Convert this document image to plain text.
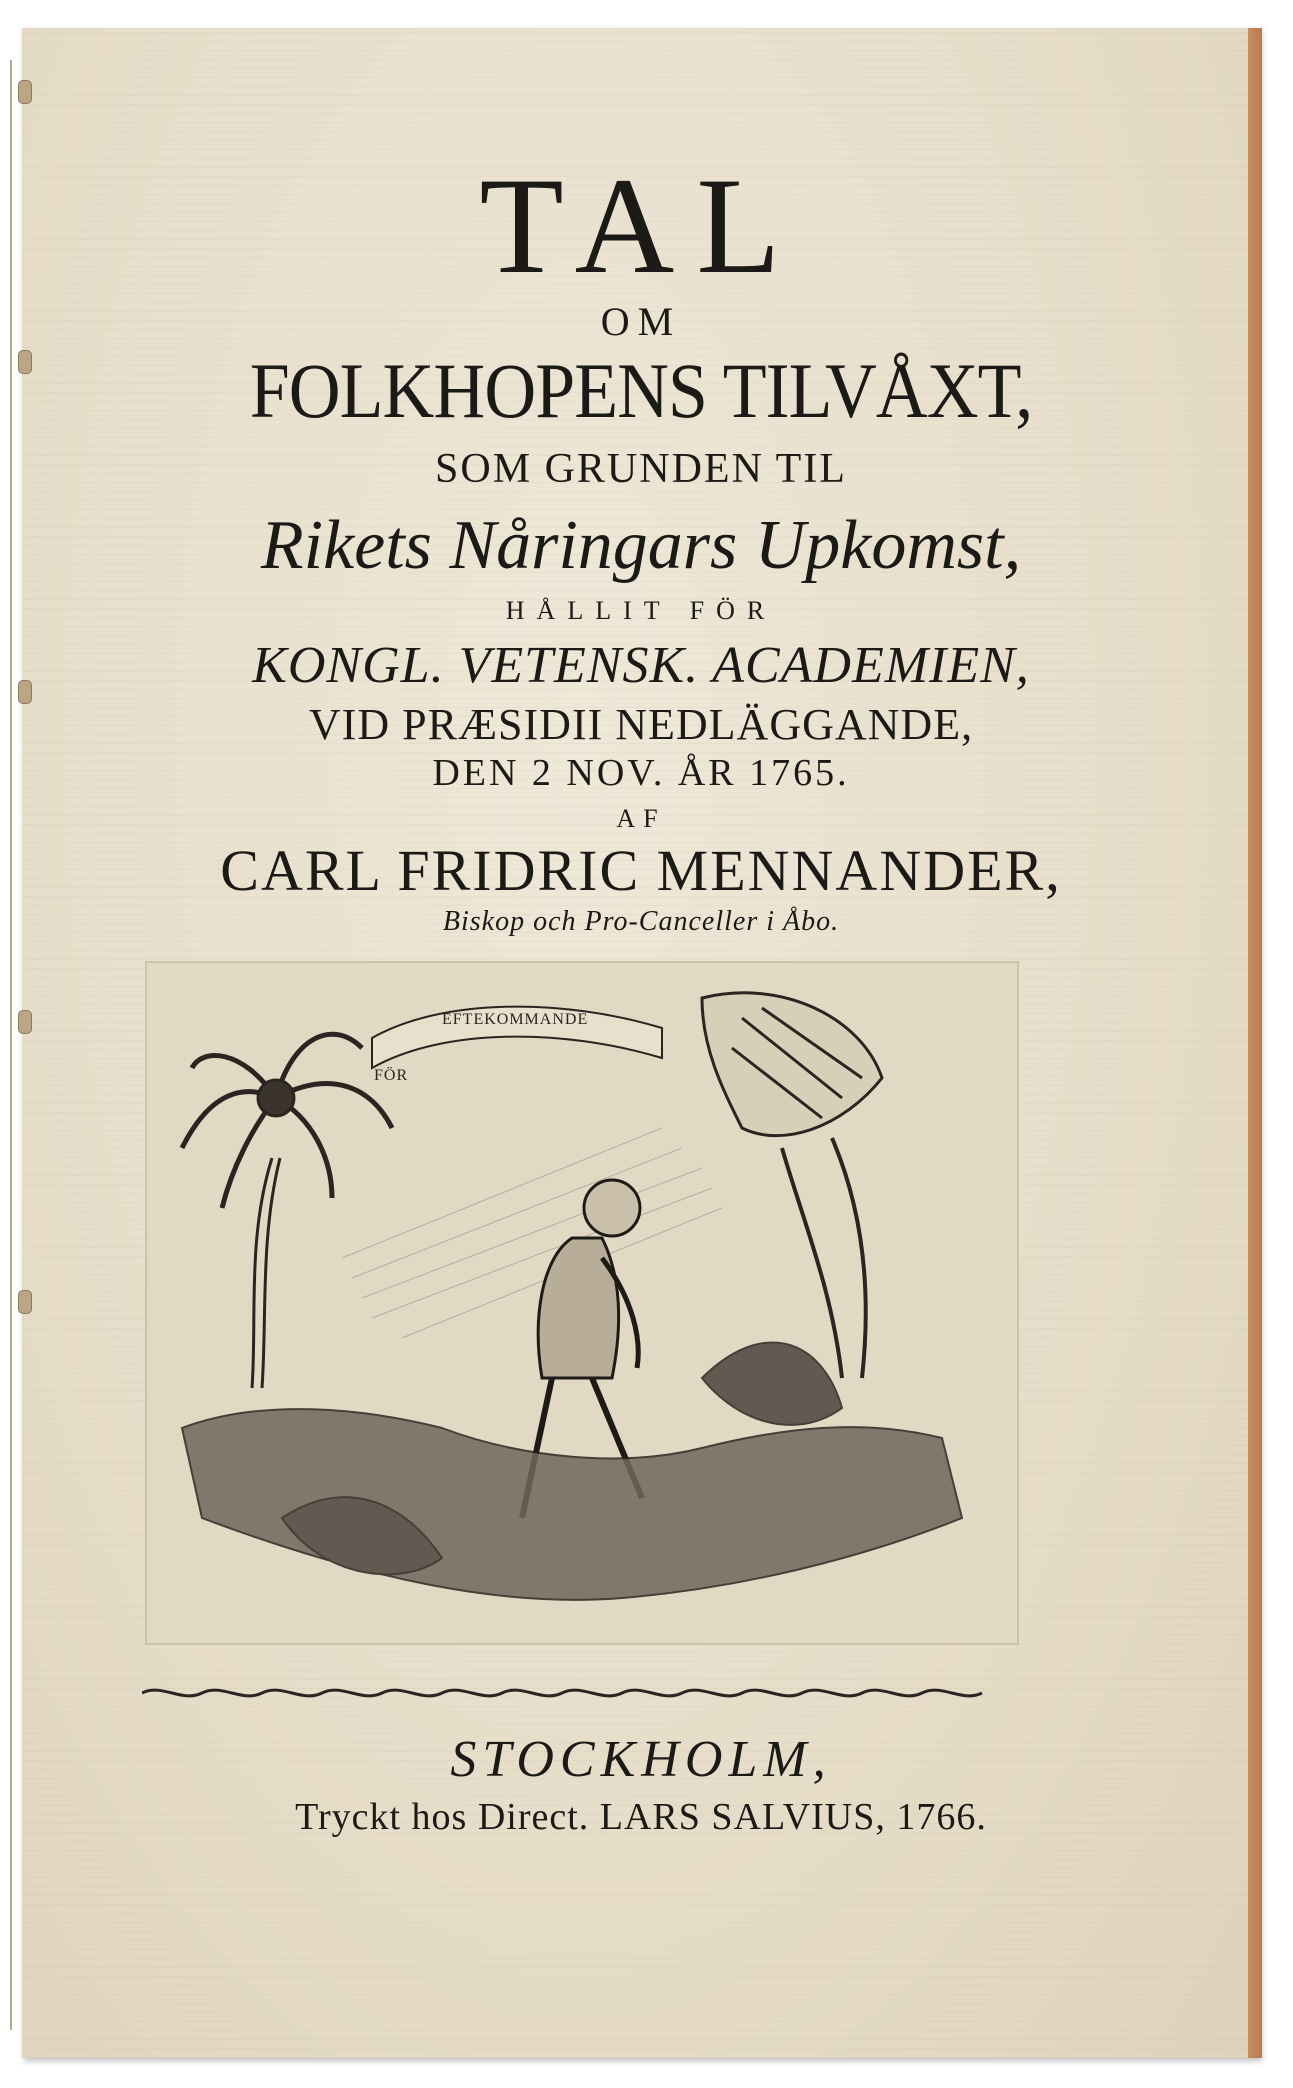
TAL
OM
FOLKHOPENS TILVÅXT,
SOM GRUNDEN TIL
Rikets Nåringars Upkomst,
HÅLLIT FÖR
KONGL. VETENSK. ACADEMIEN,
VID PRÆSIDII NEDLÄGGANDE,
DEN 2 NOV. ÅR 1765.
AF
CARL FRIDRIC MENNANDER,
Biskop och Pro-Canceller i Åbo.
FÖR
EFTEKOMMANDE
STOCKHOLM,
Tryckt hos Direct. LARS SALVIUS, 1766.
